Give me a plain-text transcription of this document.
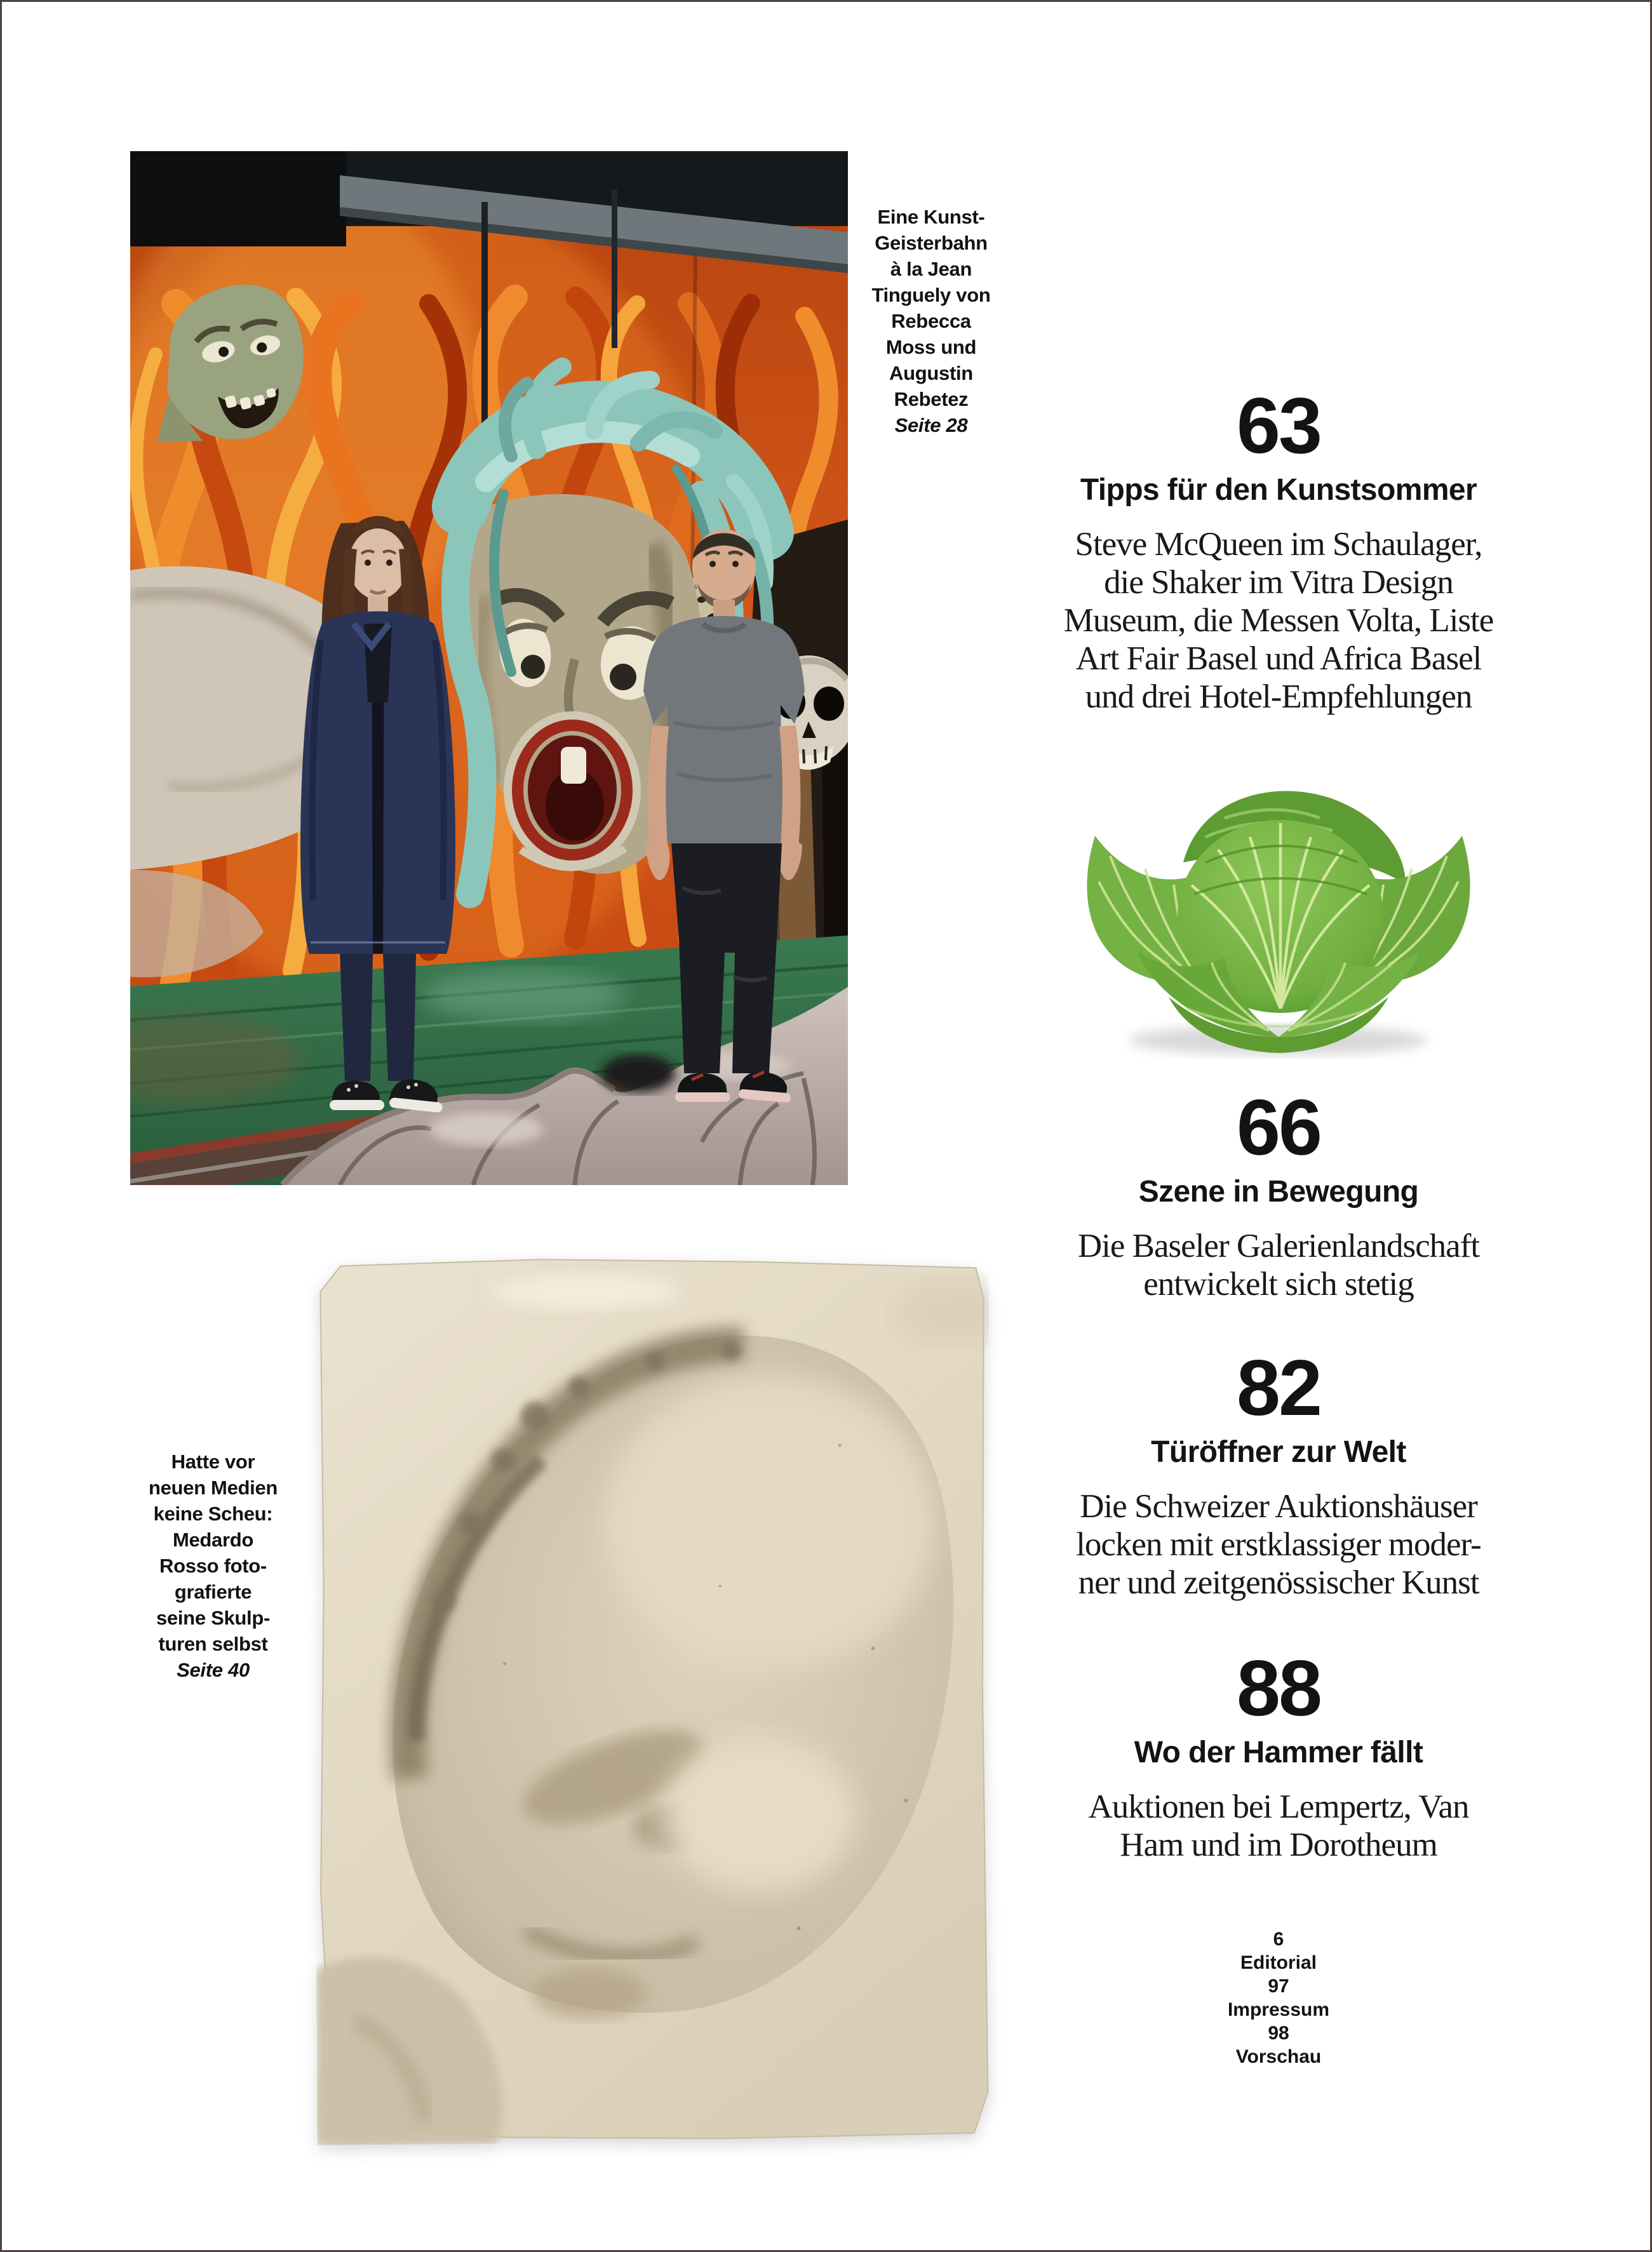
Eine Kunst-
Geisterbahn
à la Jean
Tinguely von
Rebecca
Moss und
Augustin
Rebetez
Seite 28	63
Tipps für den Kunstsommer
Steve McQueen im Schaulager,
die Shaker im Vitra Design
Museum, die Messen Volta, Liste
Art Fair Basel und Africa Basel
und drei Hotel-Empfehlungen
66
Szene in Bewegung
Die Baseler Galerienlandschaft
entwickelt sich stetig
82
Türöffner zur Welt
Die Schweizer Auktionshäuser
locken mit erstklassiger moder-
ner und zeitgenössischer Kunst
88
Wo der Hammer fällt
Auktionen bei Lempertz, Van
Ham und im Dorotheum
6
Editorial
97
Impressum
98
Vorschau
Hatte vor
neuen Medien
keine Scheu:
Medardo
Rosso foto-
grafierte
seine Skulp-
turen selbst
Seite 40
